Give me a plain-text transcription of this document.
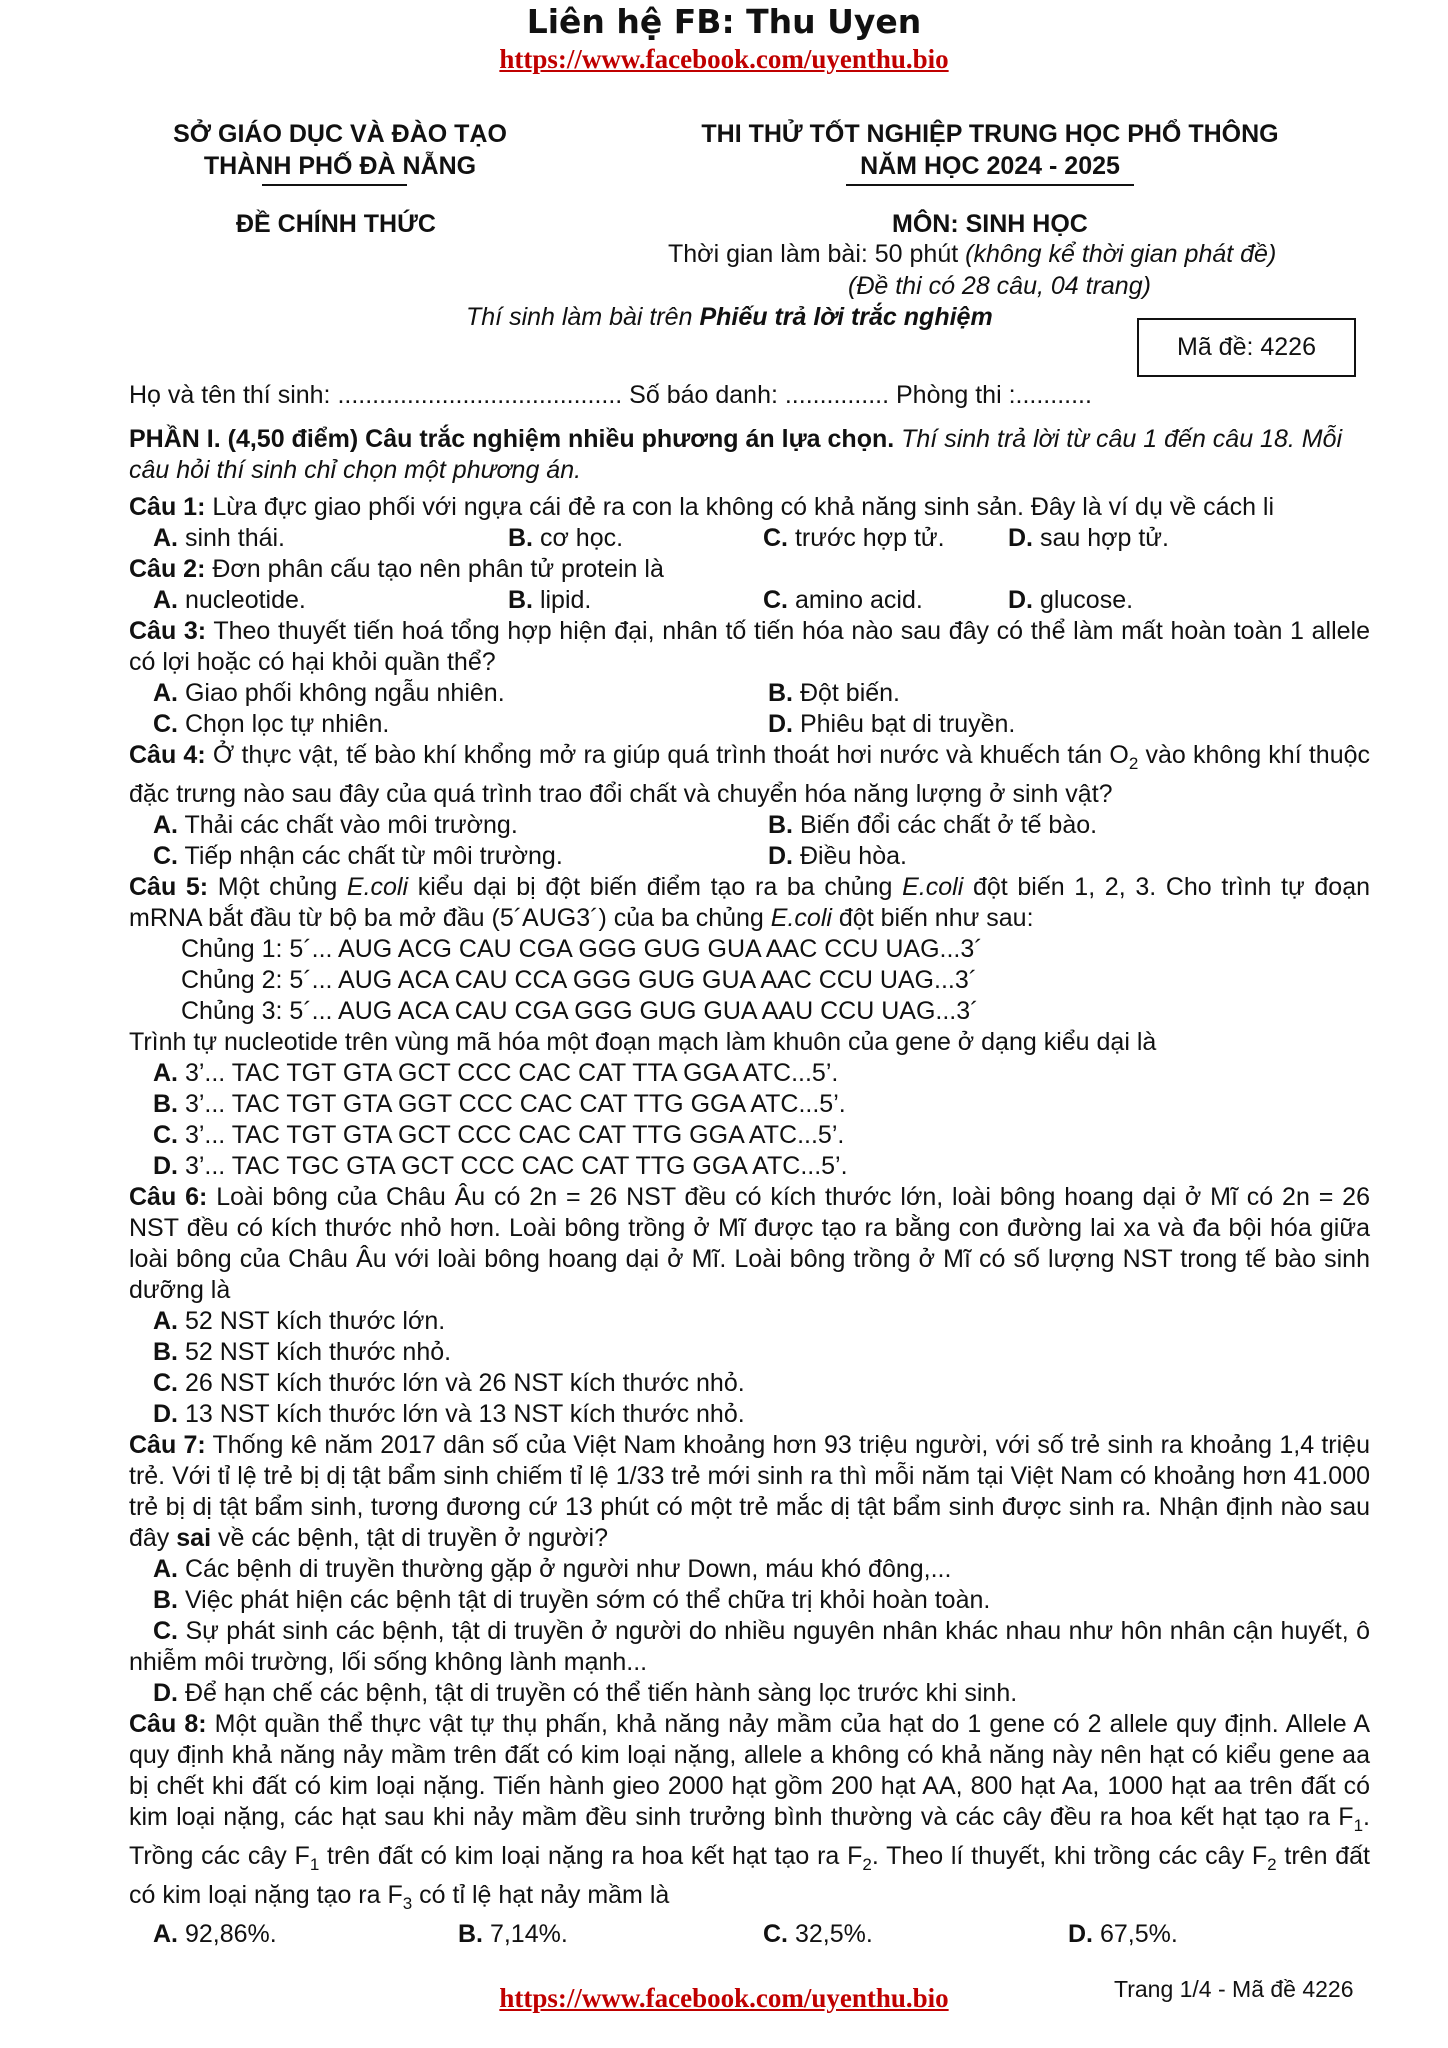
Liên hệ FB: Thu Uyen
https://www.facebook.com/uyenthu.bio
SỞ GIÁO DỤC VÀ ĐÀO TẠO
THÀNH PHỐ ĐÀ NẴNG
THI THỬ TỐT NGHIỆP TRUNG HỌC PHỔ THÔNG
NĂM HỌC 2024 - 2025
ĐỀ CHÍNH THỨC	MÔN: SINH HỌC
Thời gian làm bài: 50 phút (không kể thời gian phát đề)
(Đề thi có 28 câu, 04 trang)
Thí sinh làm bài trên Phiếu trả lời trắc nghiệm
Mã đề: 4226
Họ và tên thí sinh: ......................................... Số báo danh: ............... Phòng thi :...........
PHẦN I. (4,50 điểm) Câu trắc nghiệm nhiều phương án lựa chọn. Thí sinh trả lời từ câu 1 đến câu 18. Mỗi câu hỏi thí sinh chỉ chọn một phương án.
Câu 1: Lừa đực giao phối với ngựa cái đẻ ra con la không có khả năng sinh sản. Đây là ví dụ về cách li
A. sinh thái.	B. cơ học.	C. trước hợp tử.	D. sau hợp tử.
Câu 2: Đơn phân cấu tạo nên phân tử protein là
A. nucleotide.	B. lipid.	C. amino acid.	D. glucose.
Câu 3: Theo thuyết tiến hoá tổng hợp hiện đại, nhân tố tiến hóa nào sau đây có thể làm mất hoàn toàn 1 allele có lợi hoặc có hại khỏi quần thể?
A. Giao phối không ngẫu nhiên.	B. Đột biến.
C. Chọn lọc tự nhiên.	D. Phiêu bạt di truyền.
Câu 4: Ở thực vật, tế bào khí khổng mở ra giúp quá trình thoát hơi nước và khuếch tán $O_2$ vào không khí thuộc đặc trưng nào sau đây của quá trình trao đổi chất và chuyển hóa năng lượng ở sinh vật?
A. Thải các chất vào môi trường.	B. Biến đổi các chất ở tế bào.
C. Tiếp nhận các chất từ môi trường.	D. Điều hòa.
Câu 5: Một chủng E.coli kiểu dại bị đột biến điểm tạo ra ba chủng E.coli đột biến 1, 2, 3. Cho trình tự đoạn mRNA bắt đầu từ bộ ba mở đầu (5´AUG3´) của ba chủng E.coli đột biến như sau:
Chủng 1: 5´... AUG ACG CAU CGA GGG GUG GUA AAC CCU UAG...3´
Chủng 2: 5´... AUG ACA CAU CCA GGG GUG GUA AAC CCU UAG...3´
Chủng 3: 5´... AUG ACA CAU CGA GGG GUG GUA AAU CCU UAG...3´
Trình tự nucleotide trên vùng mã hóa một đoạn mạch làm khuôn của gene ở dạng kiểu dại là
A. 3’... TAC TGT GTA GCT CCC CAC CAT TTA GGA ATC...5’.
B. 3’... TAC TGT GTA GGT CCC CAC CAT TTG GGA ATC...5’.
C. 3’... TAC TGT GTA GCT CCC CAC CAT TTG GGA ATC...5’.
D. 3’... TAC TGC GTA GCT CCC CAC CAT TTG GGA ATC...5’.
Câu 6: Loài bông của Châu Âu có 2n = 26 NST đều có kích thước lớn, loài bông hoang dại ở Mĩ có 2n = 26 NST đều có kích thước nhỏ hơn. Loài bông trồng ở Mĩ được tạo ra bằng con đường lai xa và đa bội hóa giữa loài bông của Châu Âu với loài bông hoang dại ở Mĩ. Loài bông trồng ở Mĩ có số lượng NST trong tế bào sinh dưỡng là
A. 52 NST kích thước lớn.
B. 52 NST kích thước nhỏ.
C. 26 NST kích thước lớn và 26 NST kích thước nhỏ.
D. 13 NST kích thước lớn và 13 NST kích thước nhỏ.
Câu 7: Thống kê năm 2017 dân số của Việt Nam khoảng hơn 93 triệu người, với số trẻ sinh ra khoảng 1,4 triệu trẻ. Với tỉ lệ trẻ bị dị tật bẩm sinh chiếm tỉ lệ 1/33 trẻ mới sinh ra thì mỗi năm tại Việt Nam có khoảng hơn 41.000 trẻ bị dị tật bẩm sinh, tương đương cứ 13 phút có một trẻ mắc dị tật bẩm sinh được sinh ra. Nhận định nào sau đây sai về các bệnh, tật di truyền ở người?
A. Các bệnh di truyền thường gặp ở người như Down, máu khó đông,...
B. Việc phát hiện các bệnh tật di truyền sớm có thể chữa trị khỏi hoàn toàn.
C. Sự phát sinh các bệnh, tật di truyền ở người do nhiều nguyên nhân khác nhau như hôn nhân cận huyết, ô nhiễm môi trường, lối sống không lành mạnh...
D. Để hạn chế các bệnh, tật di truyền có thể tiến hành sàng lọc trước khi sinh.
Câu 8: Một quần thể thực vật tự thụ phấn, khả năng nảy mầm của hạt do 1 gene có 2 allele quy định. Allele A quy định khả năng nảy mầm trên đất có kim loại nặng, allele a không có khả năng này nên hạt có kiểu gene aa bị chết khi đất có kim loại nặng. Tiến hành gieo 2000 hạt gồm 200 hạt AA, 800 hạt Aa, 1000 hạt aa trên đất có kim loại nặng, các hạt sau khi nảy mầm đều sinh trưởng bình thường và các cây đều ra hoa kết hạt tạo ra $F_1$. Trồng các cây $F_1$ trên đất có kim loại nặng ra hoa kết hạt tạo ra $F_2$. Theo lí thuyết, khi trồng các cây $F_2$ trên đất có kim loại nặng tạo ra $F_3$ có tỉ lệ hạt nảy mầm là
A. 92,86%.	B. 7,14%.	C. 32,5%.	D. 67,5%.
Trang 1/4 - Mã đề 4226
https://www.facebook.com/uyenthu.bio
